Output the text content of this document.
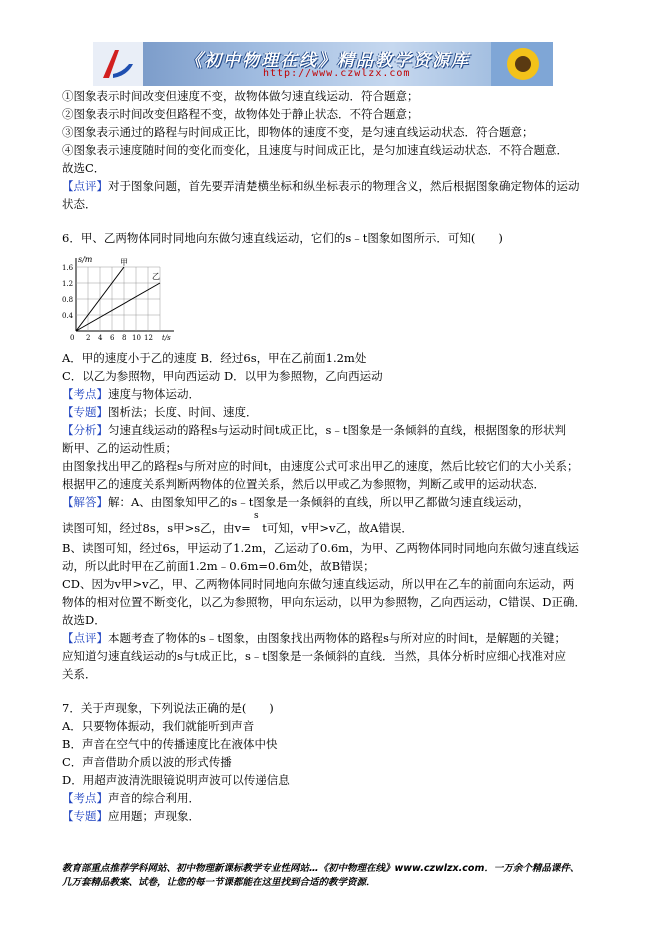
《初中物理在线》精品教学资源库
http://www.czwlzx.com
①图象表示时间改变但速度不变，故物体做匀速直线运动．符合题意；
②图象表示时间改变但路程不变，故物体处于静止状态．不符合题意；
③图象表示通过的路程与时间成正比，即物体的速度不变，是匀速直线运动状态．符合题意；
④图象表示速度随时间的变化而变化，且速度与时间成正比，是匀加速直线运动状态．不符合题意．
故选C．
【点评】对于图象问题，首先要弄清楚横坐标和纵坐标表示的物理含义，然后根据图象确定物体的运动
状态．
6．甲、乙两物体同时同地向东做匀速直线运动，它们的s﹣t图象如图所示．可知(　　)
s/m
1.6
1.2
0.8
0.4
0 2 4 6 8 10 12 t/s
甲
乙
A．甲的速度小于乙的速度 B．经过6s，甲在乙前面1.2m处
C．以乙为参照物，甲向西运动 D．以甲为参照物，乙向西运动
【考点】速度与物体运动．
【专题】图析法；长度、时间、速度．
【分析】匀速直线运动的路程s与运动时间t成正比，s﹣t图象是一条倾斜的直线，根据图象的形状判
断甲、乙的运动性质；
由图象找出甲乙的路程s与所对应的时间t，由速度公式可求出甲乙的速度，然后比较它们的大小关系；
根据甲乙的速度关系判断两物体的位置关系，然后以甲或乙为参照物，判断乙或甲的运动状态．
【解答】解：A、由图象知甲乙的s﹣t图象是一条倾斜的直线，所以甲乙都做匀速直线运动，
s
读图可知，经过8s，s甲>s乙，由v=　t可知，v甲>v乙，故A错误．
B、读图可知，经过6s，甲运动了1.2m，乙运动了0.6m，为甲、乙两物体同时同地向东做匀速直线运
动，所以此时甲在乙前面1.2m﹣0.6m=0.6m处，故B错误；
CD、因为v甲>v乙，甲、乙两物体同时同地向东做匀速直线运动，所以甲在乙车的前面向东运动，两
物体的相对位置不断变化，以乙为参照物，甲向东运动，以甲为参照物，乙向西运动，C错误、D正确．
故选D．
【点评】本题考查了物体的s﹣t图象，由图象找出两物体的路程s与所对应的时间t，是解题的关键；
应知道匀速直线运动的s与t成正比，s﹣t图象是一条倾斜的直线．当然，具体分析时应细心找准对应
关系．
7．关于声现象，下列说法正确的是(　　)
A．只要物体振动，我们就能听到声音
B．声音在空气中的传播速度比在液体中快
C．声音借助介质以波的形式传播
D．用超声波清洗眼镜说明声波可以传递信息
【考点】声音的综合利用．
【专题】应用题；声现象．
教育部重点推荐学科网站、初中物理新课标教学专业性网站…《初中物理在线》www.czwlzx.com．一万余个精品课件、
几万套精品教案、试卷，让您的每一节课都能在这里找到合适的教学资源．
